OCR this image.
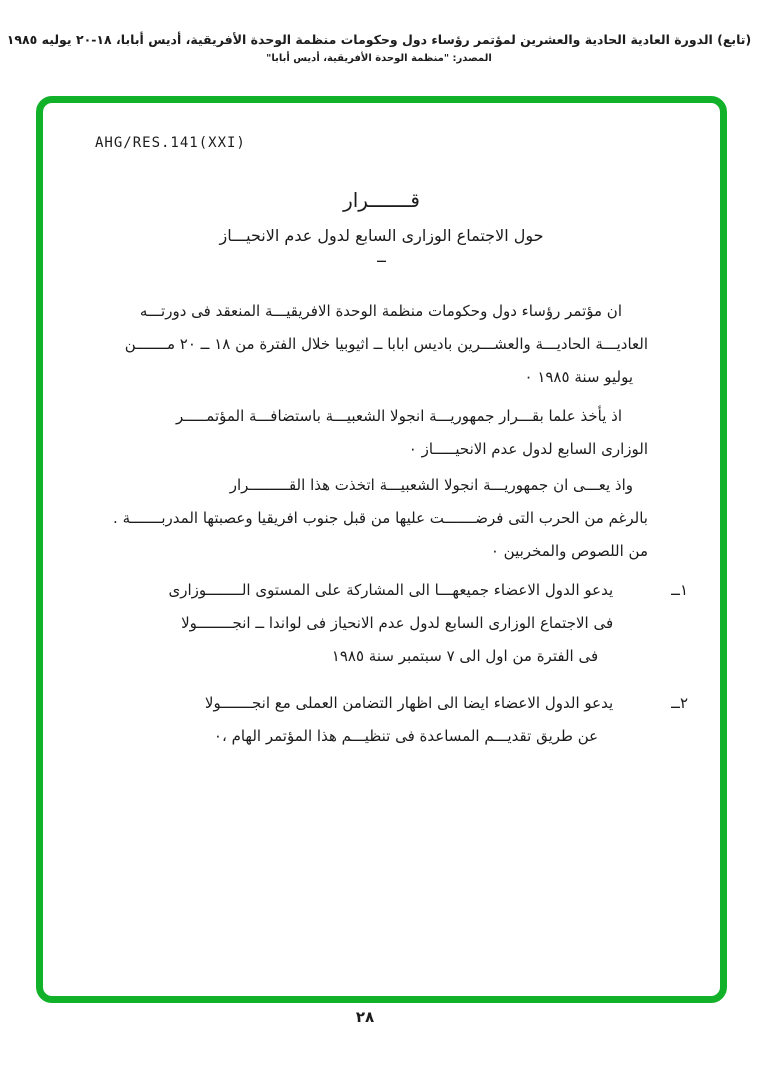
(تابع) الدورة العادية الحادية والعشرين لمؤتمر رؤساء دول وحكومات منظمة الوحدة الأفريقية، أديس أبابا، ١٨-٢٠ يوليه ١٩٨٥
المصدر: "منظمة الوحدة الأفريقية، أديس أبابا"
AHG/RES.141(XXI)
قـــــــرار
حول الاجتماع الوزارى السابع لدول عدم الانحيـــاز
ــ
ان مؤتمر رؤساء دول وحكومات منظمة الوحدة الافريقيـــة المنعقد فى دورتـــه
العاديـــة الحاديـــة والعشـــرين باديس ابابا ــ اثيوبيا خلال الفترة من ١٨ ــ ٢٠ مـــــــن
يوليو سنة ١٩٨٥ ٠
اذ يأخذ علما بقـــرار جمهوريـــة انجولا الشعبيـــة باستضافـــة المؤتمـــــر
الوزارى السابع لدول عدم الانحيـــــاز ٠
واذ يعـــى ان جمهوريـــة انجولا الشعبيـــة اتخذت هذا القـــــــــرار
بالرغم من الحرب التى فرضـــــــت عليها من قبل جنوب افريقيا وعصبتها المدربـــــــة .
من اللصوص والمخربين ٠
١ــ
يدعو الدول الاعضاء جميعهـــا الى المشاركة على المستوى الــــــــوزارى
فى الاجتماع الوزارى السابع لدول عدم الانحياز فى لواندا ــ انجــــــــولا
فى الفترة من اول الى ٧ سبتمبر سنة ١٩٨٥
٢ــ
يدعو الدول الاعضاء ايضا الى اظهار التضامن العملى مع انجـــــــولا
عن طريق تقديـــم المساعدة فى تنظيـــم هذا المؤتمر الهام ،٠
٢٨
